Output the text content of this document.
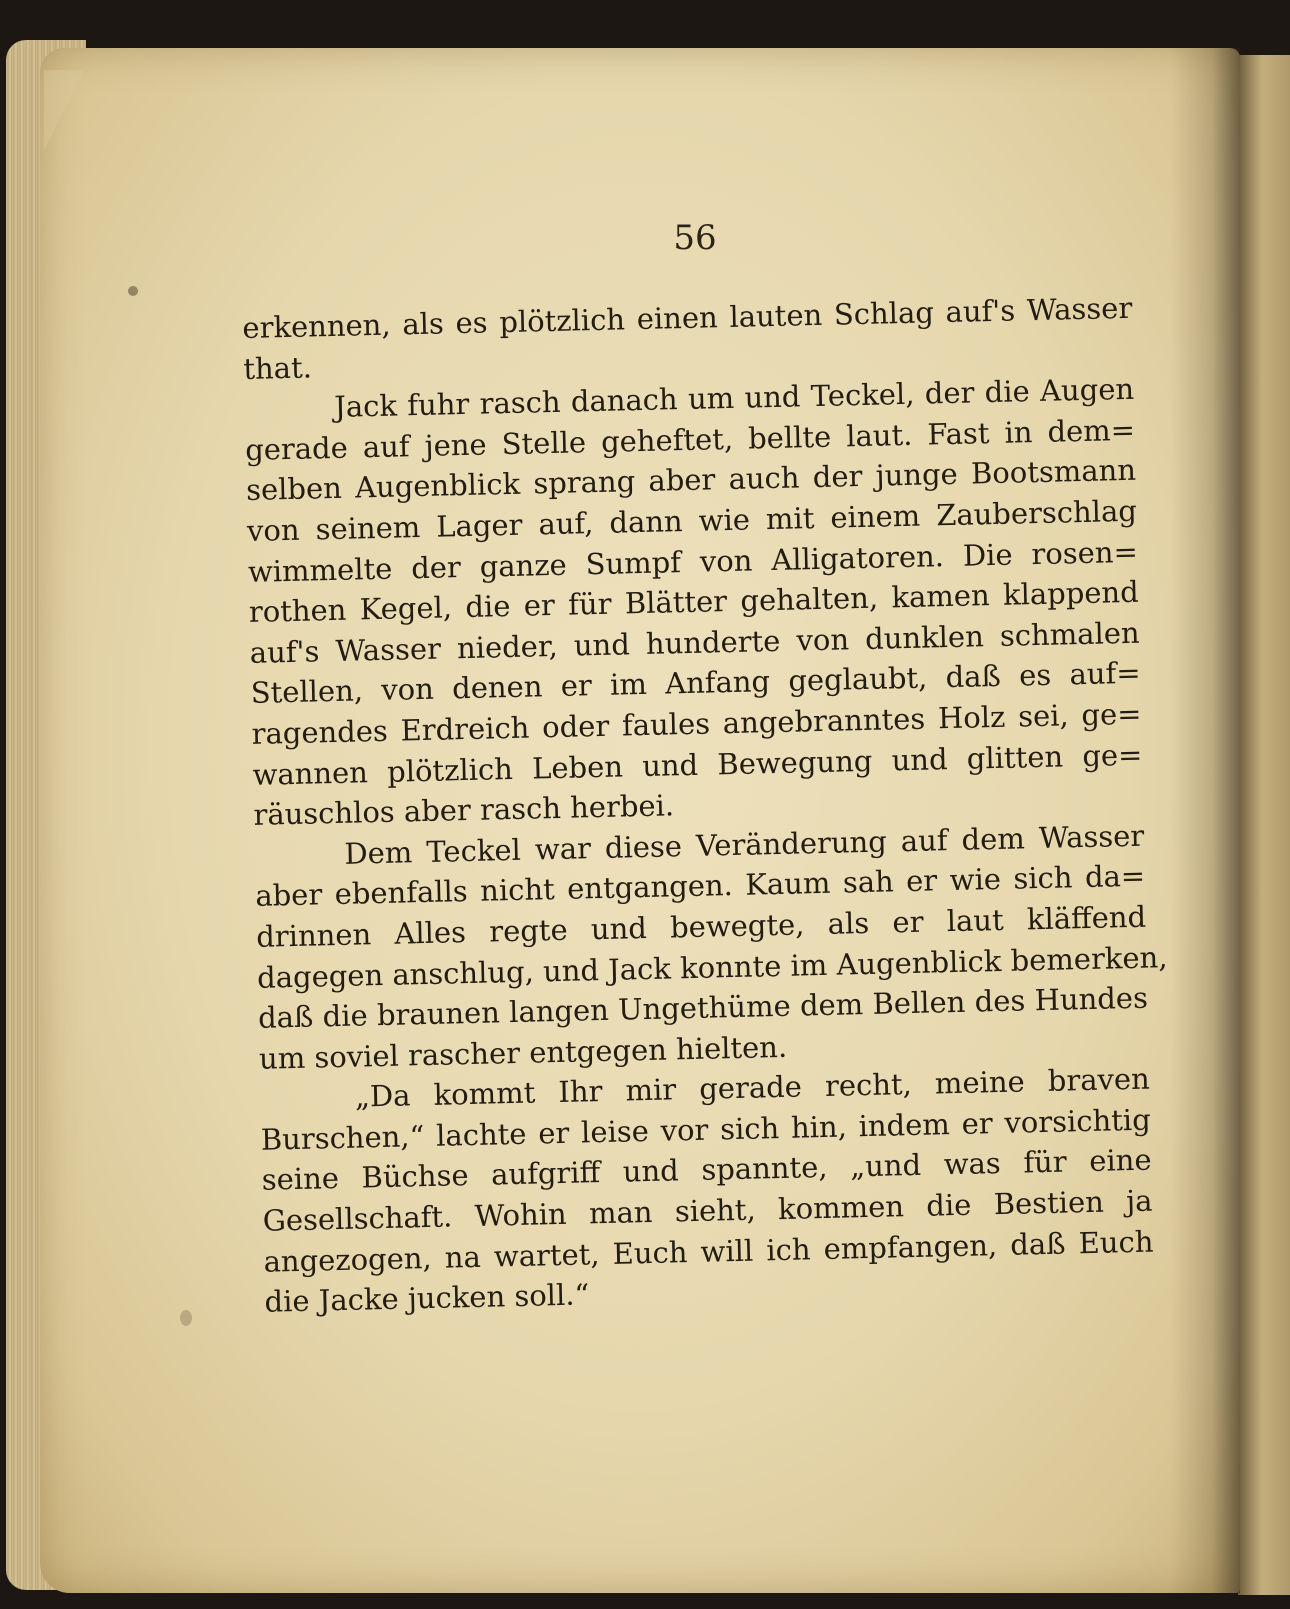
56
erkennen, als es plötzlich einen lauten Schlag auf's Wasser
that.
Jack fuhr rasch danach um und Teckel, der die Augen
gerade auf jene Stelle geheftet, bellte laut. Fast in dem=
selben Augenblick sprang aber auch der junge Bootsmann
von seinem Lager auf, dann wie mit einem Zauberschlag
wimmelte der ganze Sumpf von Alligatoren. Die rosen=
rothen Kegel, die er für Blätter gehalten, kamen klappend
auf's Wasser nieder, und hunderte von dunklen schmalen
Stellen, von denen er im Anfang geglaubt, daß es auf=
ragendes Erdreich oder faules angebranntes Holz sei, ge=
wannen plötzlich Leben und Bewegung und glitten ge=
räuschlos aber rasch herbei.
Dem Teckel war diese Veränderung auf dem Wasser
aber ebenfalls nicht entgangen. Kaum sah er wie sich da=
drinnen Alles regte und bewegte, als er laut kläffend
dagegen anschlug, und Jack konnte im Augenblick bemerken,
daß die braunen langen Ungethüme dem Bellen des Hundes
um soviel rascher entgegen hielten.
„Da kommt Ihr mir gerade recht, meine braven
Burschen,“ lachte er leise vor sich hin, indem er vorsichtig
seine Büchse aufgriff und spannte, „und was für eine
Gesellschaft. Wohin man sieht, kommen die Bestien ja
angezogen, na wartet, Euch will ich empfangen, daß Euch
die Jacke jucken soll.“
